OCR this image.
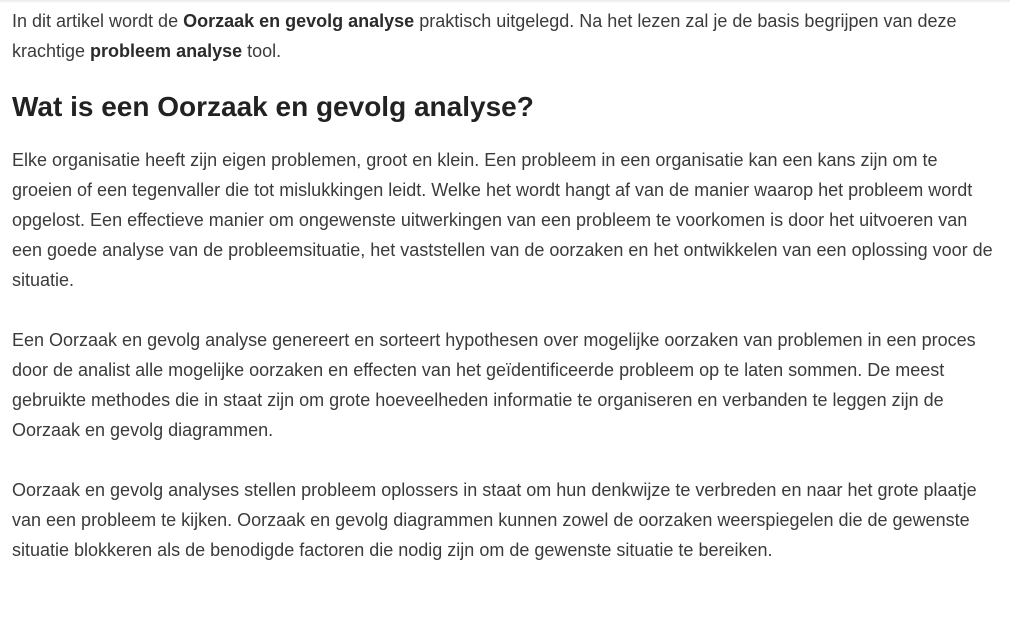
In dit artikel wordt de Oorzaak en gevolg analyse praktisch uitgelegd. Na het lezen zal je de basis begrijpen van deze krachtige probleem analyse tool.

Wat is een Oorzaak en gevolg analyse?

Elke organisatie heeft zijn eigen problemen, groot en klein. Een probleem in een organisatie kan een kans zijn om te groeien of een tegenvaller die tot mislukkingen leidt. Welke het wordt hangt af van de manier waarop het probleem wordt opgelost. Een effectieve manier om ongewenste uitwerkingen van een probleem te voorkomen is door het uitvoeren van een goede analyse van de probleemsituatie, het vaststellen van de oorzaken en het ontwikkelen van een oplossing voor de situatie.

Een Oorzaak en gevolg analyse genereert en sorteert hypothesen over mogelijke oorzaken van problemen in een proces door de analist alle mogelijke oorzaken en effecten van het geïdentificeerde probleem op te laten sommen. De meest gebruikte methodes die in staat zijn om grote hoeveelheden informatie te organiseren en verbanden te leggen zijn de Oorzaak en gevolg diagrammen.

Oorzaak en gevolg analyses stellen probleem oplossers in staat om hun denkwijze te verbreden en naar het grote plaatje van een probleem te kijken. Oorzaak en gevolg diagrammen kunnen zowel de oorzaken weerspiegelen die de gewenste situatie blokkeren als de benodigde factoren die nodig zijn om de gewenste situatie te bereiken.
